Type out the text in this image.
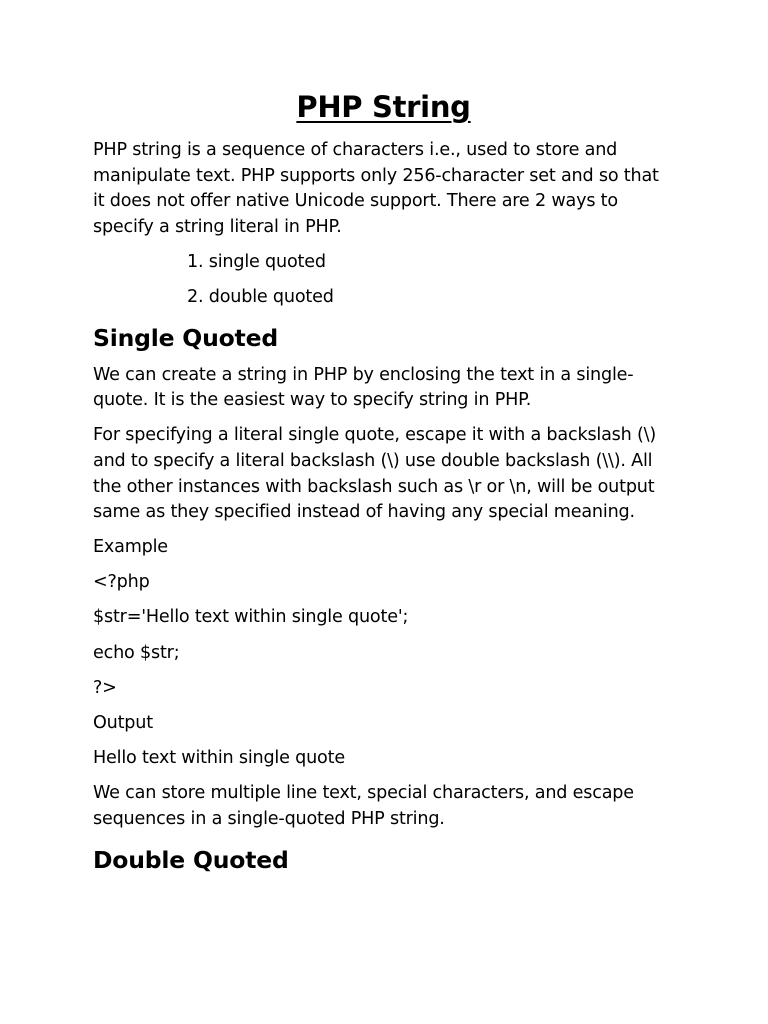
PHP String

PHP string is a sequence of characters i.e., used to store and manipulate text. PHP supports only 256-character set and so that it does not offer native Unicode support. There are 2 ways to specify a string literal in PHP.

1. single quoted
2. double quoted
Single Quoted

We can create a string in PHP by enclosing the text in a single-quote. It is the easiest way to specify string in PHP.

For specifying a literal single quote, escape it with a backslash (\) and to specify a literal backslash (\) use double backslash (\\). All the other instances with backslash such as \r or \n, will be output same as they specified instead of having any special meaning.

Example
<?php
$str='Hello text within single quote';
echo $str;
?>
Output
Hello text within single quote

We can store multiple line text, special characters, and escape sequences in a single-quoted PHP string.

Double Quoted
